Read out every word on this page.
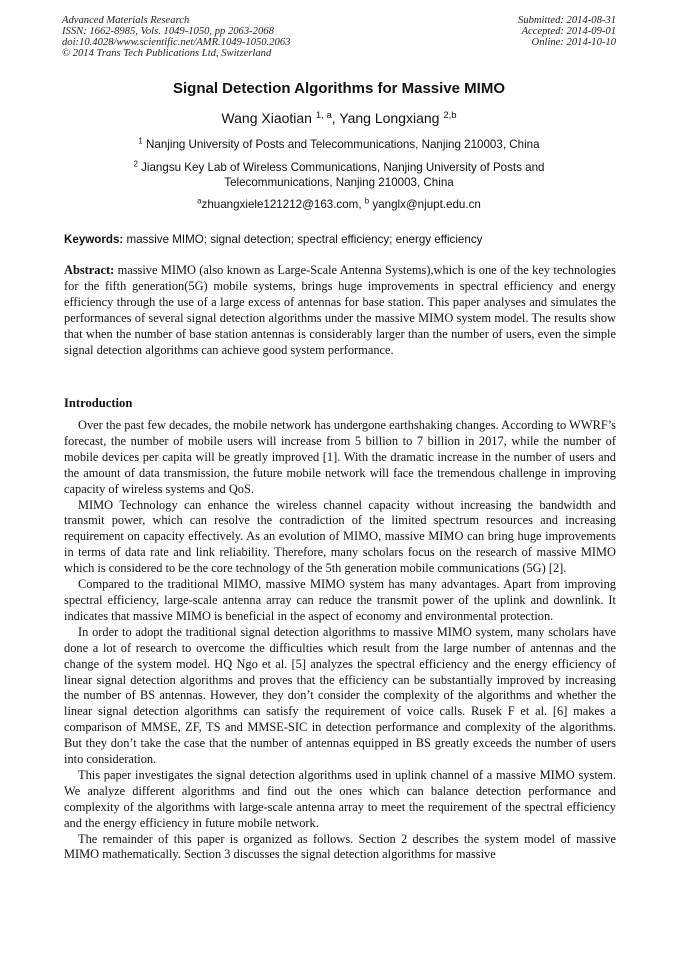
Advanced Materials Research
ISSN: 1662-8985, Vols. 1049-1050, pp 2063-2068
doi:10.4028/www.scientific.net/AMR.1049-1050.2063
© 2014 Trans Tech Publications Ltd, Switzerland
Submitted: 2014-08-31
Accepted: 2014-09-01
Online: 2014-10-10
Signal Detection Algorithms for Massive MIMO
Wang Xiaotian $^{1, a}$, Yang Longxiang $^{2,b}$
$^1$ Nanjing University of Posts and Telecommunications, Nanjing 210003, China
$^2$ Jiangsu Key Lab of Wireless Communications, Nanjing University of Posts and
Telecommunications, Nanjing 210003, China
$^a$zhuangxiele121212@163.com, $^b$ yanglx@njupt.edu.cn
Keywords: massive MIMO; signal detection; spectral efficiency; energy efficiency

Abstract: massive MIMO (also known as Large-Scale Antenna Systems),which is one of the key technologies for the fifth generation(5G) mobile systems, brings huge improvements in spectral efficiency and energy efficiency through the use of a large excess of antennas for base station. This paper analyses and simulates the performances of several signal detection algorithms under the massive MIMO system model. The results show that when the number of base station antennas is considerably larger than the number of users, even the simple signal detection algorithms can achieve good system performance.

Introduction

Over the past few decades, the mobile network has undergone earthshaking changes. According to WWRF’s forecast, the number of mobile users will increase from 5 billion to 7 billion in 2017, while the number of mobile devices per capita will be greatly improved [1]. With the dramatic increase in the number of users and the amount of data transmission, the future mobile network will face the tremendous challenge in improving capacity of wireless systems and QoS.

MIMO Technology can enhance the wireless channel capacity without increasing the bandwidth and transmit power, which can resolve the contradiction of the limited spectrum resources and increasing requirement on capacity effectively. As an evolution of MIMO, massive MIMO can bring huge improvements in terms of data rate and link reliability. Therefore, many scholars focus on the research of massive MIMO which is considered to be the core technology of the 5th generation mobile communications (5G) [2].

Compared to the traditional MIMO, massive MIMO system has many advantages. Apart from improving spectral efficiency, large-scale antenna array can reduce the transmit power of the uplink and downlink. It indicates that massive MIMO is beneficial in the aspect of economy and environmental protection.

In order to adopt the traditional signal detection algorithms to massive MIMO system, many scholars have done a lot of research to overcome the difficulties which result from the large number of antennas and the change of the system model. HQ Ngo et al. [5] analyzes the spectral efficiency and the energy efficiency of linear signal detection algorithms and proves that the efficiency can be substantially improved by increasing the number of BS antennas. However, they don’t consider the complexity of the algorithms and whether the linear signal detection algorithms can satisfy the requirement of voice calls. Rusek F et al. [6] makes a comparison of MMSE, ZF, TS and MMSE-SIC in detection performance and complexity of the algorithms. But they don’t take the case that the number of antennas equipped in BS greatly exceeds the number of users into consideration.

This paper investigates the signal detection algorithms used in uplink channel of a massive MIMO system. We analyze different algorithms and find out the ones which can balance detection performance and complexity of the algorithms with large-scale antenna array to meet the requirement of the spectral efficiency and the energy efficiency in future mobile network.

The remainder of this paper is organized as follows. Section 2 describes the system model of massive MIMO mathematically. Section 3 discusses the signal detection algorithms for massive
